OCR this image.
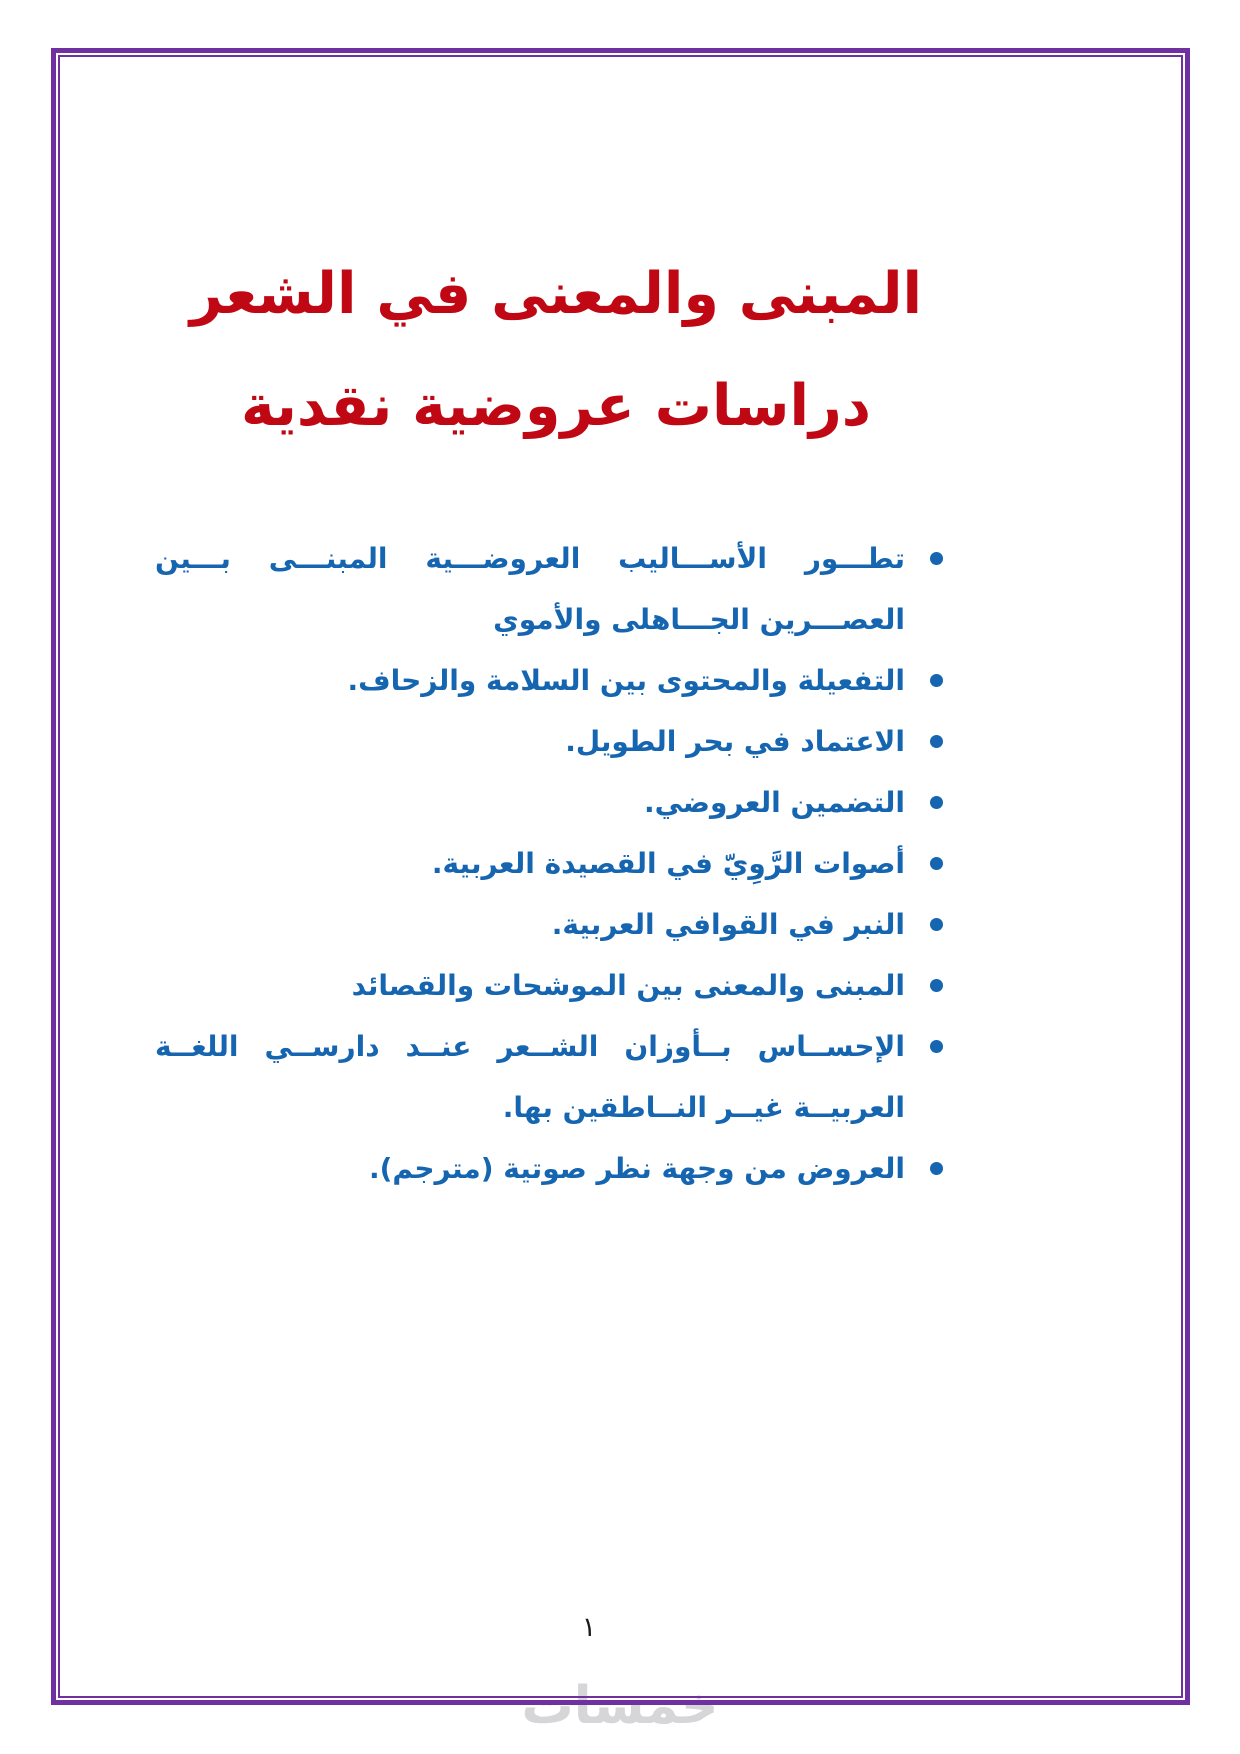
خمسات
المبنى والمعنى في الشعر
دراسات عروضية نقدية
تطـــور الأســـاليب العروضـــية المبنـــى بـــين العصـــرين الجـــاهلى والأموي
التفعيلة والمحتوى بين السلامة والزحاف.
الاعتماد في بحر الطويل.
التضمين العروضي.
أصوات الرَّوِيّ في القصيدة العربية.
النبر في القوافي العربية.
المبنى والمعنى بين الموشحات والقصائد
الإحســاس بــأوزان الشــعر عنــد دارســي اللغــة العربيــة غيــر النــاطقين بها.
العروض من وجهة نظر صوتية (مترجم).
١
